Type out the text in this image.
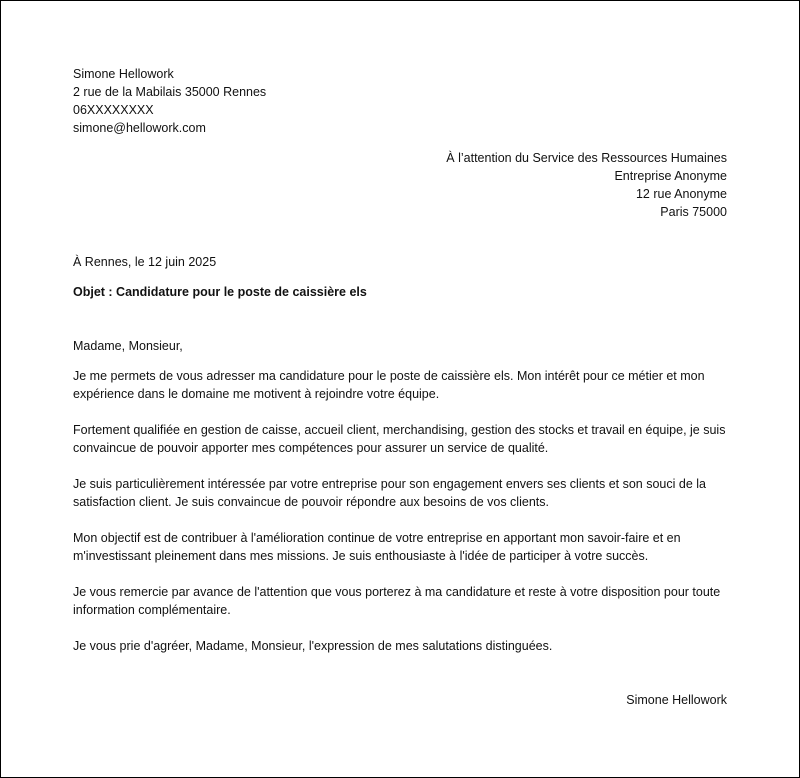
Simone Hellowork
2 rue de la Mabilais 35000 Rennes
06XXXXXXXX
simone@hellowork.com
À l’attention du Service des Ressources Humaines
Entreprise Anonyme
12 rue Anonyme
Paris 75000
À Rennes, le 12 juin 2025
Objet : Candidature pour le poste de caissière els
Madame, Monsieur,

Je me permets de vous adresser ma candidature pour le poste de caissière els. Mon intérêt pour ce métier et mon expérience dans le domaine me motivent à rejoindre votre équipe.

Fortement qualifiée en gestion de caisse, accueil client, merchandising, gestion des stocks et travail en équipe, je suis convaincue de pouvoir apporter mes compétences pour assurer un service de qualité.

Je suis particulièrement intéressée par votre entreprise pour son engagement envers ses clients et son souci de la satisfaction client. Je suis convaincue de pouvoir répondre aux besoins de vos clients.

Mon objectif est de contribuer à l'amélioration continue de votre entreprise en apportant mon savoir-faire et en m'investissant pleinement dans mes missions. Je suis enthousiaste à l'idée de participer à votre succès.

Je vous remercie par avance de l'attention que vous porterez à ma candidature et reste à votre disposition pour toute information complémentaire.

Je vous prie d'agréer, Madame, Monsieur, l'expression de mes salutations distinguées.

Simone Hellowork
